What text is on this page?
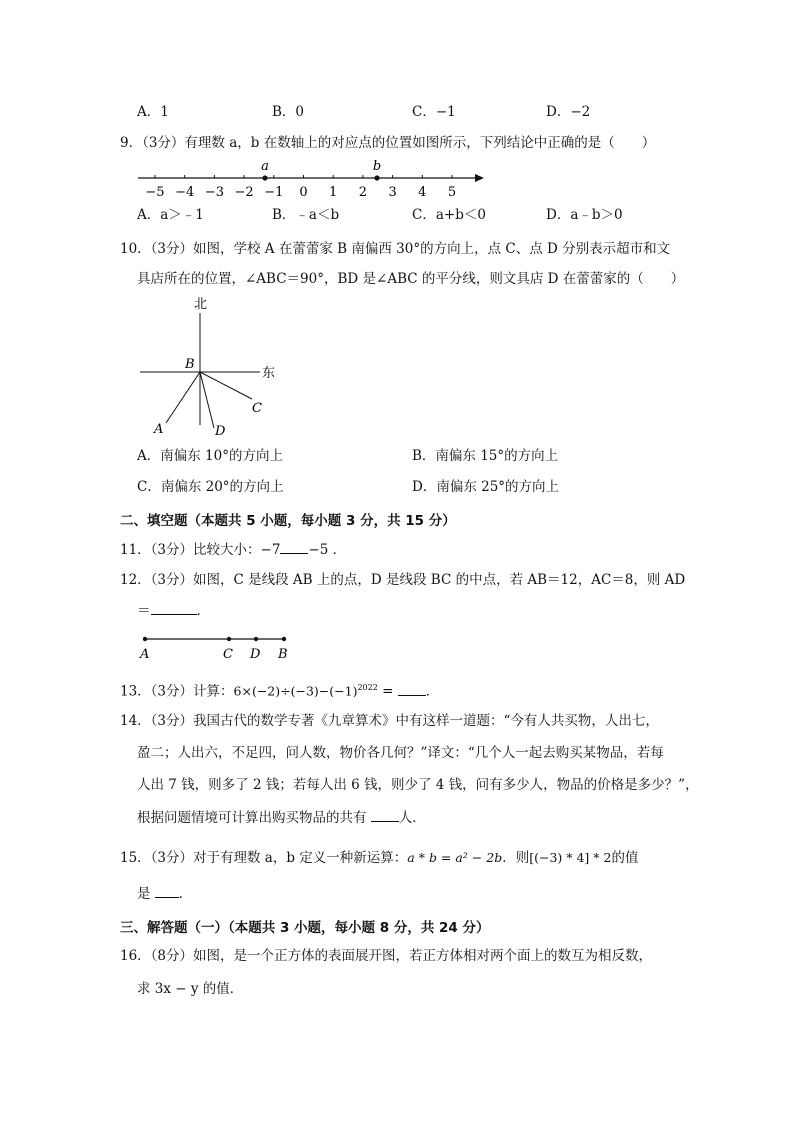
A．1	B．0	C．−1	D．−2
9．（3分）有理数 a，b 在数轴上的对应点的位置如图所示，下列结论中正确的是（　　）
−5 −4 −3 −2 −1 0 1 2 3 4 5
a	b
A．a＞﹣1	B．﹣a＜b	C．a+b＜0	D．a﹣b＞0
10．（3分）如图，学校 A 在蕾蕾家 B 南偏西 30°的方向上，点 C、点 D 分别表示超市和文
具店所在的位置，∠ABC＝90°，BD 是∠ABC 的平分线，则文具店 D 在蕾蕾家的（　　）
北
东
B
A
C
D
A．南偏东 10°的方向上	B．南偏东 15°的方向上
C．南偏东 20°的方向上	D．南偏东 25°的方向上
二、填空题（本题共 5 小题，每小题 3 分，共 15 分）
11．（3分）比较大小：−7 −5 ．
12．（3分）如图，C 是线段 AB 上的点，D 是线段 BC 的中点，若 AB＝12，AC＝8，则 AD
＝	．
A	C D B
13．（3分）计算：$6\times(-2)\div(-3)-(-1)^{2022}$ = ．
14．（3分）我国古代的数学专著《九章算术》中有这样一道题：“今有人共买物，人出七，
盈二；人出六，不足四，问人数，物价各几何？”译文：“几个人一起去购买某物品，若每
人出 7 钱，则多了 2 钱；若每人出 6 钱，则少了 4 钱，问有多少人，物品的价格是多少？”，
根据问题情境可计算出购买物品的共有 人．
15．（3分）对于有理数 a，b 定义一种新运算：a * b = a² − 2b．则[(−3) * 4] * 2的值
是 ．
三、解答题（一）（本题共 3 小题，每小题 8 分，共 24 分）
16．（8分）如图，是一个正方体的表面展开图，若正方体相对两个面上的数互为相反数，
求 3x − y 的值．
